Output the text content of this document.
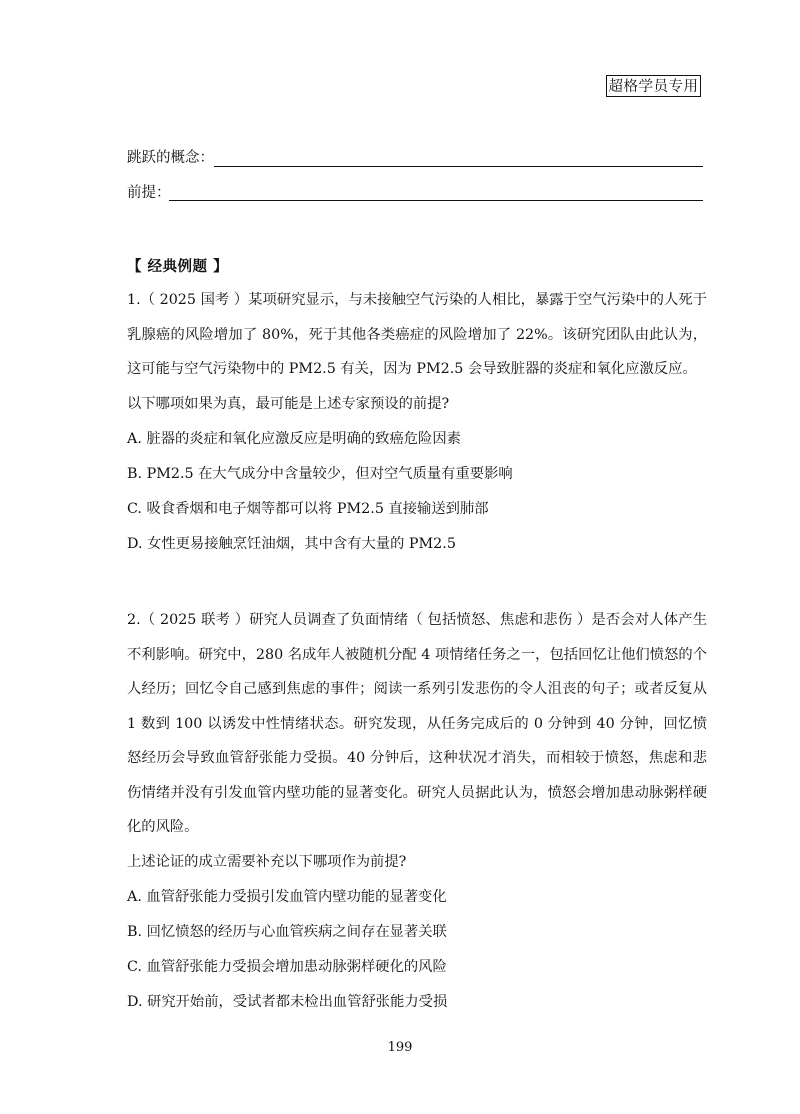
超格学员专用
跳跃的概念：
前提：
【 经典例题 】

1.（ 2025 国考 ）某项研究显示，与未接触空气污染的人相比，暴露于空气污染中的人死于乳腺癌的风险增加了 80%，死于其他各类癌症的风险增加了 22%。该研究团队由此认为，这可能与空气污染物中的 PM2.5 有关，因为 PM2.5 会导致脏器的炎症和氧化应激反应。

以下哪项如果为真，最可能是上述专家预设的前提?

A. 脏器的炎症和氧化应激反应是明确的致癌危险因素

B. PM2.5 在大气成分中含量较少，但对空气质量有重要影响

C. 吸食香烟和电子烟等都可以将 PM2.5 直接输送到肺部

D. 女性更易接触烹饪油烟，其中含有大量的 PM2.5

2.（ 2025 联考 ）研究人员调查了负面情绪（ 包括愤怒、焦虑和悲伤 ）是否会对人体产生不利影响。研究中，280 名成年人被随机分配 4 项情绪任务之一，包括回忆让他们愤怒的个人经历；回忆令自己感到焦虑的事件；阅读一系列引发悲伤的令人沮丧的句子；或者反复从 1 数到 100 以诱发中性情绪状态。研究发现，从任务完成后的 0 分钟到 40 分钟，回忆愤怒经历会导致血管舒张能力受损。40 分钟后，这种状况才消失，而相较于愤怒，焦虑和悲伤情绪并没有引发血管内壁功能的显著变化。研究人员据此认为，愤怒会增加患动脉粥样硬化的风险。

上述论证的成立需要补充以下哪项作为前提?

A. 血管舒张能力受损引发血管内壁功能的显著变化

B. 回忆愤怒的经历与心血管疾病之间存在显著关联

C. 血管舒张能力受损会增加患动脉粥样硬化的风险

D. 研究开始前，受试者都未检出血管舒张能力受损

199
